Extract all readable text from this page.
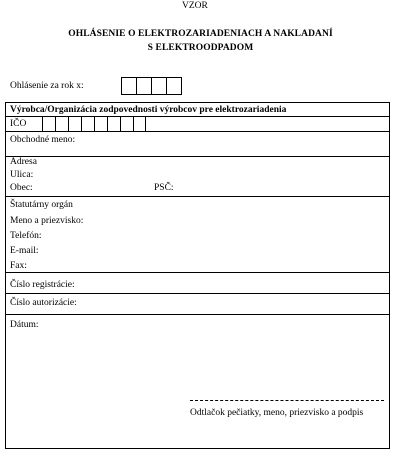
VZOR
OHLÁSENIE O ELEKTROZARIADENIACH A NAKLADANÍ
S ELEKTROODPADOM
Ohlásenie za rok x:
Výrobca/Organizácia zodpovednosti výrobcov pre elektrozariadenia
IČO
Obchodné meno:
Adresa
Ulica:
Obec:	PSČ:
Štatutárny orgán
Meno a priezvisko:
Telefón:
E-mail:
Fax:
Číslo registrácie:
Číslo autorizácie:
Dátum:
Odtlačok pečiatky, meno, priezvisko a podpis
